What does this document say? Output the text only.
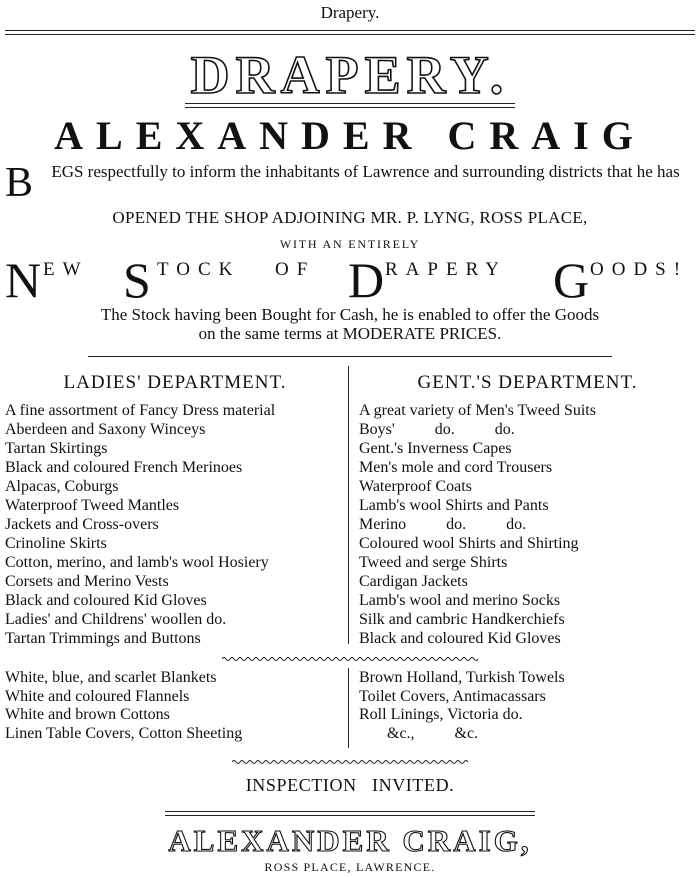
Drapery.
DRAPERY.
ALEXANDER CRAIG
B EGS respectfully to inform the inhabitants of Lawrence and surrounding districts that he has
OPENED THE SHOP ADJOINING MR. P. LYNG, ROSS PLACE,
WITH AN ENTIRELY
N EW S TOCK OF D RAPERY G OODS!
The Stock having been Bought for Cash, he is enabled to offer the Goods
on the same terms at MODERATE PRICES.
LADIES' DEPARTMENT.	GENT.'S DEPARTMENT.
A fine assortment of Fancy Dress material
Aberdeen and Saxony Winceys
Tartan Skirtings
Black and coloured French Merinoes
Alpacas, Coburgs
Waterproof Tweed Mantles
Jackets and Cross-overs
Crinoline Skirts
Cotton, merino, and lamb's wool Hosiery
Corsets and Merino Vests
Black and coloured Kid Gloves
Ladies' and Childrens' woollen do.
Tartan Trimmings and Buttons
A great variety of Men's Tweed Suits
Boys'          do.          do.
Gent.'s Inverness Capes
Men's mole and cord Trousers
Waterproof Coats
Lamb's wool Shirts and Pants
Merino          do.          do.
Coloured wool Shirts and Shirting
Tweed and serge Shirts
Cardigan Jackets
Lamb's wool and merino Socks
Silk and cambric Handkerchiefs
Black and coloured Kid Gloves
White, blue, and scarlet Blankets
White and coloured Flannels
White and brown Cottons
Linen Table Covers, Cotton Sheeting
Brown Holland, Turkish Towels
Toilet Covers, Antimacassars
Roll Linings, Victoria do.
&c.,          &c.
INSPECTION   INVITED.
ALEXANDER CRAIG,
ROSS PLACE, LAWRENCE.
